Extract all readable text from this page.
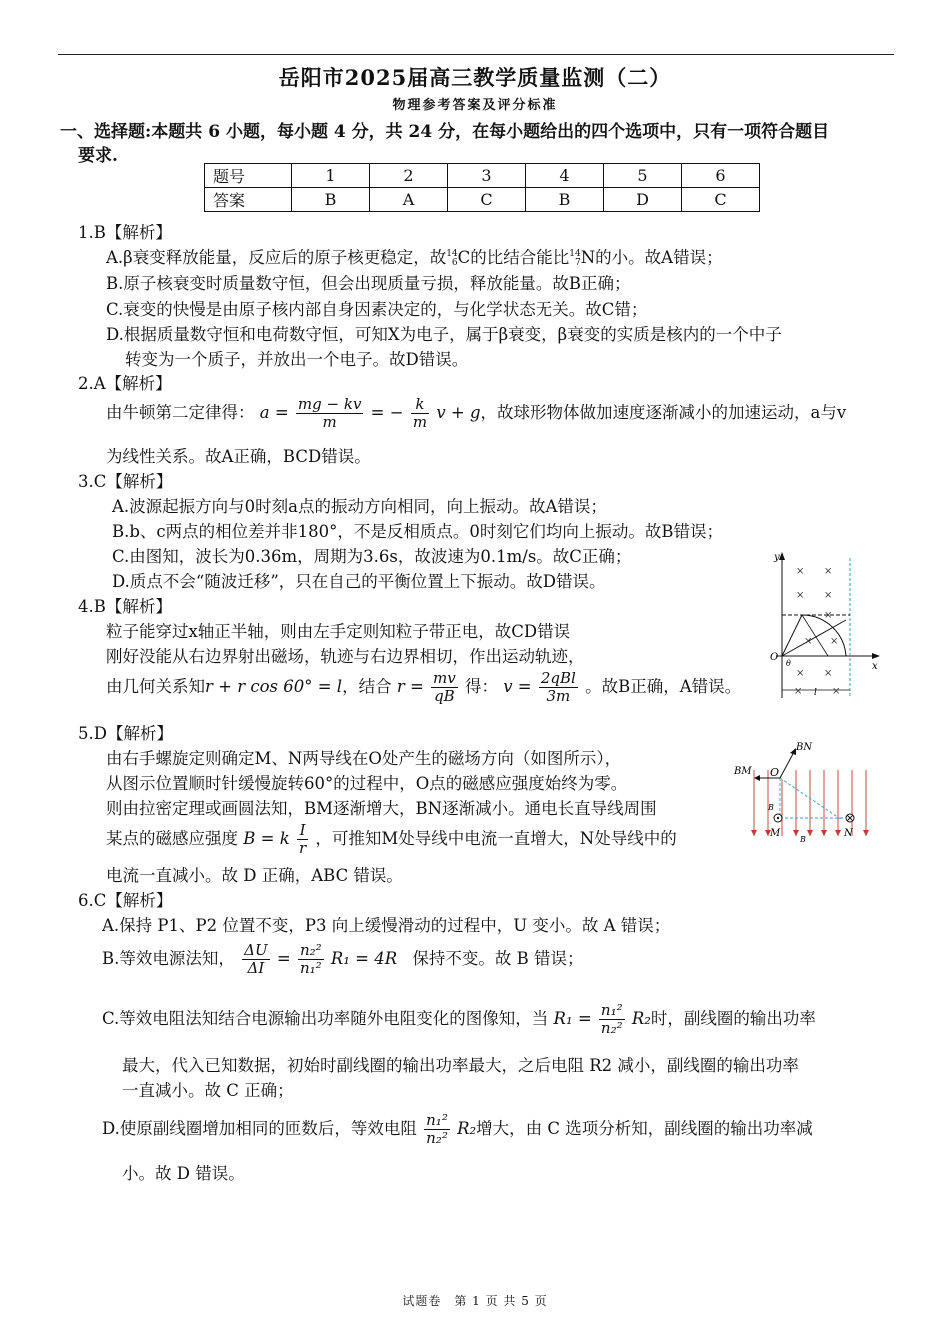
岳阳市2025届高三教学质量监测（二）
物理参考答案及评分标准
一、选择题:本题共 6 小题，每小题 4 分，共 24 分，在每小题给出的四个选项中，只有一项符合题目
要求.
题号	1	2	3	4	5	6
答案	B	A	C	B	D	C
1.B【解析】
A.β衰变释放能量，反应后的原子核更稳定，故 14
6 C的比结合能比 14
7 N的小。故A错误；
B.原子核衰变时质量数守恒，但会出现质量亏损，释放能量。故B正确；
C.衰变的快慢是由原子核内部自身因素决定的，与化学状态无关。故C错；
D.根据质量数守恒和电荷数守恒，可知X为电子，属于β衰变，β衰变的实质是核内的一个中子
转变为一个质子，并放出一个电子。故D错误。
2.A【解析】
由牛顿第二定律得： $a = \frac{mg - kv}{m}$ = − $\frac{k}{m}$ v + g，故球形物体做加速度逐渐减小的加速运动，a与v
为线性关系。故A正确，BCD错误。
3.C【解析】
A.波源起振方向与0时刻a点的振动方向相同，向上振动。故A错误；
B.b、c两点的相位差并非180°，不是反相质点。0时刻它们均向上振动。故B错误；
C.由图知，波长为0.36m，周期为3.6s，故波速为0.1m/s。故C正确；
D.质点不会“随波迁移”，只在自己的平衡位置上下振动。故D错误。
4.B【解析】
粒子能穿过x轴正半轴，则由左手定则知粒子带正电，故CD错误
刚好没能从右边界射出磁场，轨迹与右边界相切，作出运动轨迹，
由几何关系知r + r cos 60° = l，结合 $r = \frac{mv}{qB}$ 得： $v = \frac{\text{2qBl}}{3m}$ 。故B正确，A错误。
y
x
O
θ
l
× ×
× ×
×
× ×
× ×
×	×
5.D【解析】
由右手螺旋定则确定M、N两导线在O处产生的磁场方向（如图所示），
从图示位置顺时针缓慢旋转60°的过程中，O点的磁感应强度始终为零。
则由拉密定理或画圆法知，BM逐渐增大，BN逐渐减小。通电长直导线周围
某点的磁感应强度 B = k $\frac{I}{r}$ ，可推知M处导线中电流一直增大，N处导线中的
电流一直减小。故 D 正确，ABC 错误。
BN
BM O
M	N
B
B
6.C【解析】
A.保持 P1、P2 位置不变，P3 向上缓慢滑动的过程中，U 变小。故 A 错误；
B.等效电源法知， $\frac{\Delta U}{\Delta I} = \frac{\text{n₂²}}{\text{n₁²}} R_1 = 4R$ 保持不变。故 B 错误；
C.等效电阻法知结合电源输出功率随外电阻变化的图像知，当 $R_1 = \frac{\text{n₁²}}{\text{n₂²}} R_2$时，副线圈的输出功率
最大，代入已知数据，初始时副线圈的输出功率最大，之后电阻 R2 减小，副线圈的输出功率
一直减小。故 C 正确；
D.使原副线圈增加相同的匝数后，等效电阻 $\frac{\text{n₁²}}{\text{n₂²}} R_2$增大，由 C 选项分析知，副线圈的输出功率减
小。故 D 错误。
试题卷　第 1 页 共 5 页
